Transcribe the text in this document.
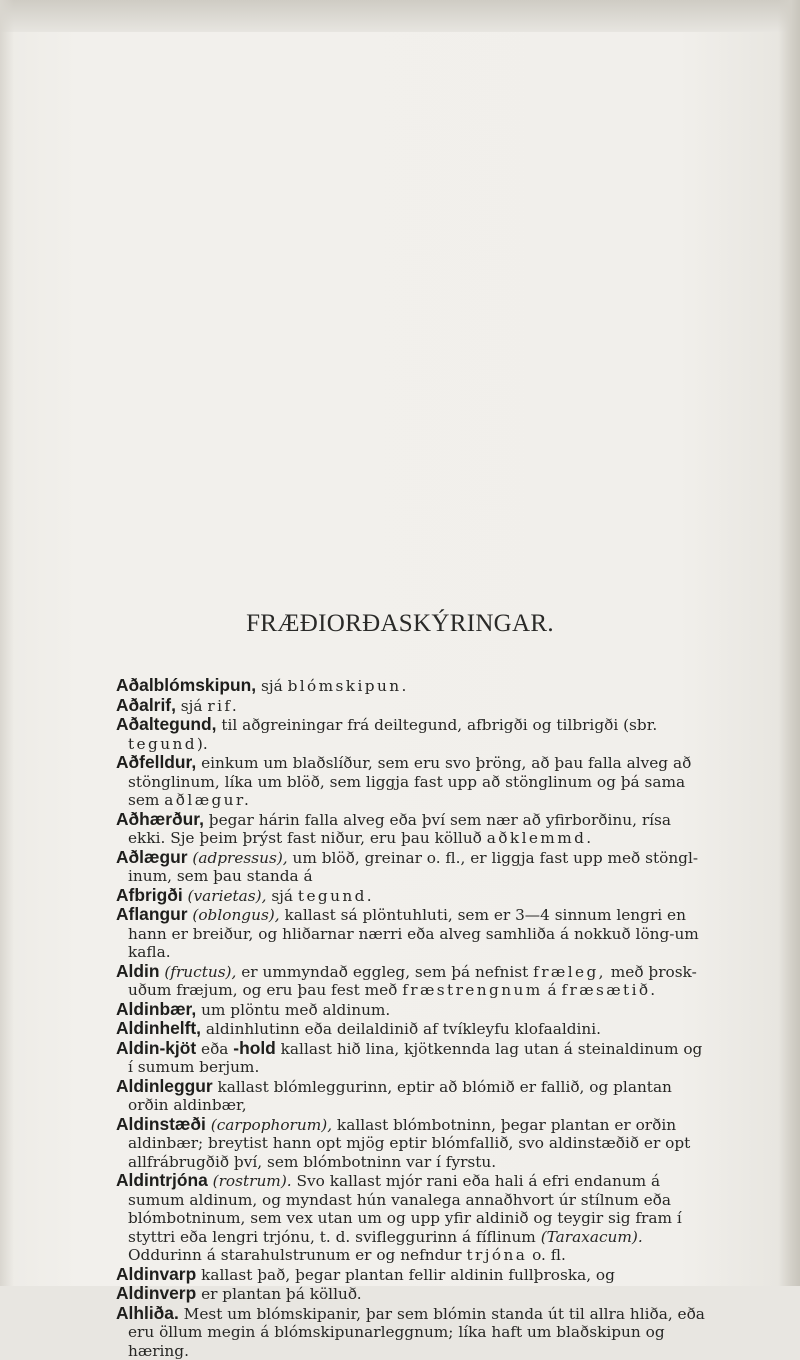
FRÆÐIORÐASKÝRINGAR.

Aðalblómskipun, sjá blómskipun.

Aðalrif, sjá rif.

Aðaltegund, til aðgreiningar frá deiltegund, afbrigði og tilbrigði (sbr. tegund).

Aðfelldur, einkum um blaðslíður, sem eru svo þröng, að þau falla alveg að stönglinum, líka um blöð, sem liggja fast upp að stönglinum og þá sama sem aðlægur.

Aðhærður, þegar hárin falla alveg eða því sem nær að yfirborðinu, rísa ekki. Sje þeim þrýst fast niður, eru þau kölluð aðklemmd.

Aðlægur (adpressus), um blöð, greinar o. fl., er liggja fast upp með stöngl-inum, sem þau standa á

Afbrigði (varietas), sjá tegund.

Aflangur (oblongus), kallast sá plöntuhluti, sem er 3—4 sinnum lengri en hann er breiður, og hliðarnar nærri eða alveg samhliða á nokkuð löng-um kafla.

Aldin (fructus), er ummyndað eggleg, sem þá nefnist fræleg, með þrosk-uðum fræjum, og eru þau fest með fræstrengnum á fræsætið.

Aldinbær, um plöntu með aldinum.

Aldinhelft, aldinhlutinn eða deilaldinið af tvíkleyfu klofaaldini.

Aldin-kjöt eða -hold kallast hið lina, kjötkennda lag utan á steinaldinum og í sumum berjum.

Aldinleggur kallast blómleggurinn, eptir að blómið er fallið, og plantan orðin aldinbær,

Aldinstæði (carpophorum), kallast blómbotninn, þegar plantan er orðin aldinbær; breytist hann opt mjög eptir blómfallið, svo aldinstæðið er opt allfrábrugðið því, sem blómbotninn var í fyrstu.

Aldintrjóna (rostrum). Svo kallast mjór rani eða hali á efri endanum á sumum aldinum, og myndast hún vanalega annaðhvort úr stílnum eða blómbotninum, sem vex utan um og upp yfir aldinið og teygir sig fram í styttri eða lengri trjónu, t. d. svifleggurinn á fíflinum (Taraxacum). Oddurinn á starahulstrunum er og nefndur trjóna o. fl.

Aldinvarp kallast það, þegar plantan fellir aldinin fullþroska, og

Aldinverp er plantan þá kölluð.

Alhliða. Mest um blómskipanir, þar sem blómin standa út til allra hliða, eða eru öllum megin á blómskipunarleggnum; líka haft um blaðskipun og hæring.
